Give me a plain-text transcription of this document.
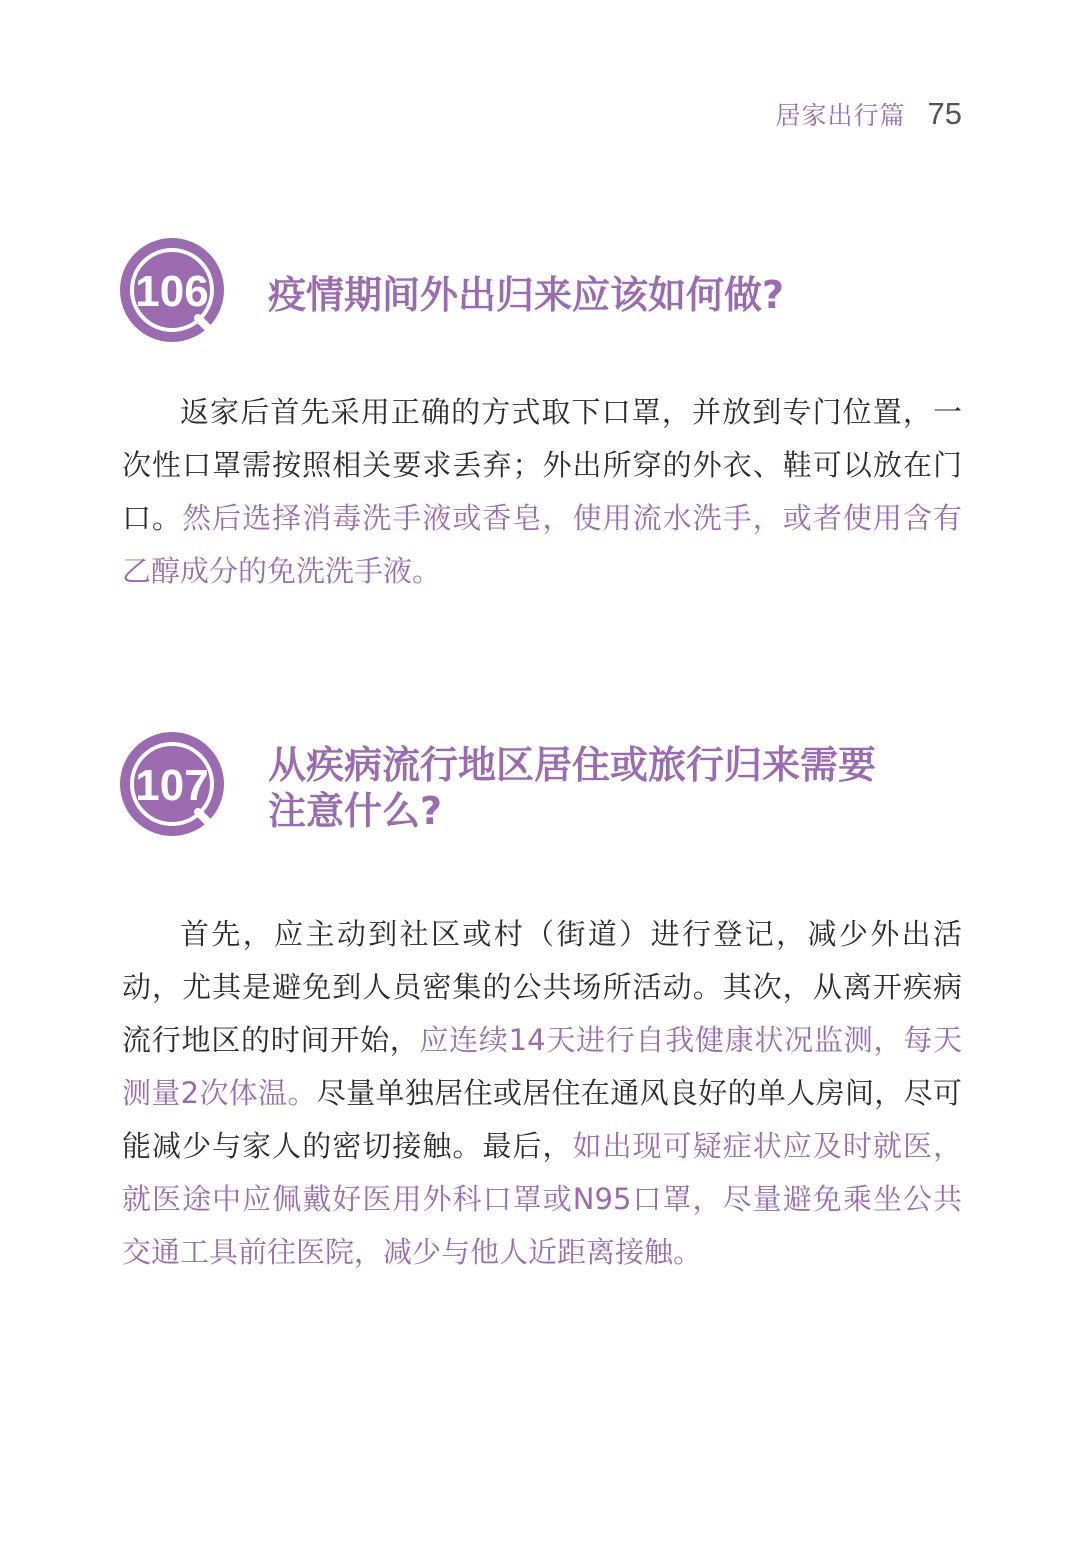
居家出行篇 75
106 疫情期间外出归来应该如何做?

返家后首先采用正确的方式取下口罩，并放到专门位置，一次性口罩需按照相关要求丢弃；外出所穿的外衣、鞋可以放在门口。然后选择消毒洗手液或香皂，使用流水洗手，或者使用含有乙醇成分的免洗洗手液。

107 从疾病流行地区居住或旅行归来需要
注意什么?

首先，应主动到社区或村（街道）进行登记，减少外出活动，尤其是避免到人员密集的公共场所活动。其次，从离开疾病流行地区的时间开始，应连续14天进行自我健康状况监测，每天测量2次体温。尽量单独居住或居住在通风良好的单人房间，尽可能减少与家人的密切接触。最后，如出现可疑症状应及时就医，就医途中应佩戴好医用外科口罩或N95口罩，尽量避免乘坐公共交通工具前往医院，减少与他人近距离接触。
